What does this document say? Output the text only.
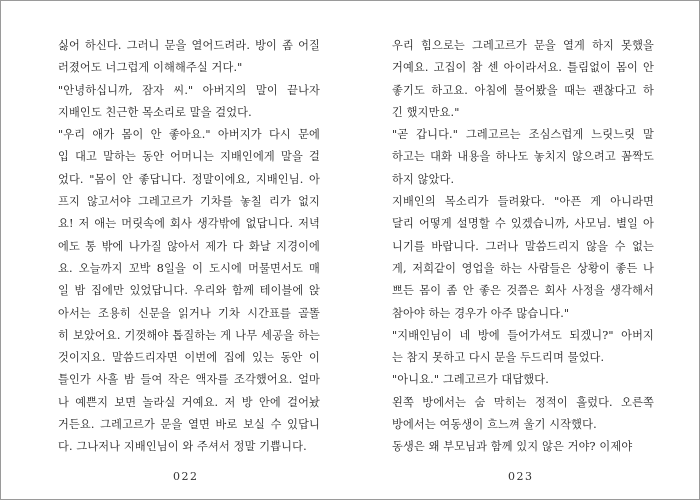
싫어 하신다. 그러니 문을 열어드려라. 방이 좀 어질
러졌어도 너그럽게 이해해주실 거다."
"안녕하십니까, 잠자 씨." 아버지의 말이 끝나자
지배인도 친근한 목소리로 말을 걸었다.
"우리 애가 몸이 안 좋아요." 아버지가 다시 문에
입 대고 말하는 동안 어머니는 지배인에게 말을 걸
었다. "몸이 안 좋답니다. 정말이에요, 지배인님. 아
프지 않고서야 그레고르가 기차를 놓칠 리가 없지
요! 저 애는 머릿속에 회사 생각밖에 없답니다. 저녁
에도 통 밖에 나가질 않아서 제가 다 화날 지경이에
요. 오늘까지 꼬박 8일을 이 도시에 머물면서도 매
일 밤 집에만 있었답니다. 우리와 함께 테이블에 앉
아서는 조용히 신문을 읽거나 기차 시간표를 골똘
히 보았어요. 기껏해야 톱질하는 게 나무 세공을 하는
것이지요. 말씀드리자면 이번에 집에 있는 동안 이
틀인가 사흘 밤 들여 작은 액자를 조각했어요. 얼마
나 예쁜지 보면 놀라실 거예요. 저 방 안에 걸어놨
거든요. 그레고르가 문을 열면 바로 보실 수 있답니
다. 그나저나 지배인님이 와 주셔서 정말 기쁩니다.
022
우리 힘으로는 그레고르가 문을 열게 하지 못했을
거예요. 고집이 참 센 아이라서요. 틀림없이 몸이 안
좋기도 하고요. 아침에 물어봤을 때는 괜찮다고 하
긴 했지만요."
"곧 갑니다." 그레고르는 조심스럽게 느릿느릿 말
하고는 대화 내용을 하나도 놓치지 않으려고 꼼짝도
하지 않았다.
지배인의 목소리가 들려왔다. "아픈 게 아니라면
달리 어떻게 설명할 수 있겠습니까, 사모님. 별일 아
니기를 바랍니다. 그러나 말씀드리지 않을 수 없는
게, 저희같이 영업을 하는 사람들은 상황이 좋든 나
쁘든 몸이 좀 안 좋은 것쯤은 회사 사정을 생각해서
참아야 하는 경우가 아주 많습니다."
"지배인님이 네 방에 들어가셔도 되겠니?" 아버지
는 참지 못하고 다시 문을 두드리며 물었다.
"아니요." 그레고르가 대답했다.
왼쪽 방에서는 숨 막히는 정적이 흘렀다. 오른쪽
방에서는 여동생이 흐느껴 울기 시작했다.
동생은 왜 부모님과 함께 있지 않은 거야? 이제야
023
